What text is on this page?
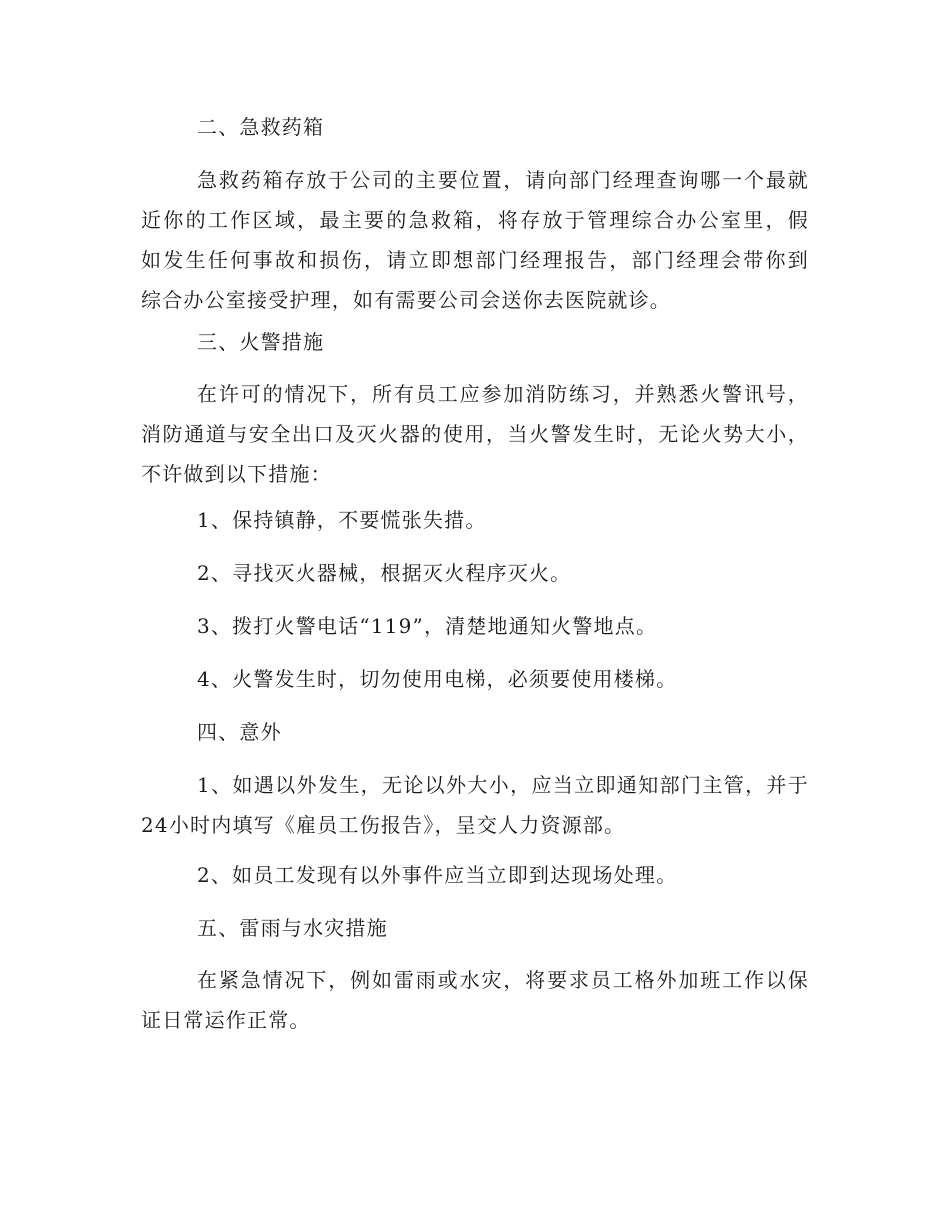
二、急救药箱
急救药箱存放于公司的主要位置，请向部门经理查询哪一个最就
近你的工作区域，最主要的急救箱，将存放于管理综合办公室里，假
如发生任何事故和损伤，请立即想部门经理报告，部门经理会带你到
综合办公室接受护理，如有需要公司会送你去医院就诊。
三、火警措施
在许可的情况下，所有员工应参加消防练习，并熟悉火警讯号，
消防通道与安全出口及灭火器的使用，当火警发生时，无论火势大小，
不许做到以下措施：
1、保持镇静，不要慌张失措。
2、寻找灭火器械，根据灭火程序灭火。
3、拨打火警电话“119”，清楚地通知火警地点。
4、火警发生时，切勿使用电梯，必须要使用楼梯。
四、意外
1、如遇以外发生，无论以外大小，应当立即通知部门主管，并于
24小时内填写《雇员工伤报告》，呈交人力资源部。
2、如员工发现有以外事件应当立即到达现场处理。
五、雷雨与水灾措施
在紧急情况下，例如雷雨或水灾，将要求员工格外加班工作以保
证日常运作正常。
